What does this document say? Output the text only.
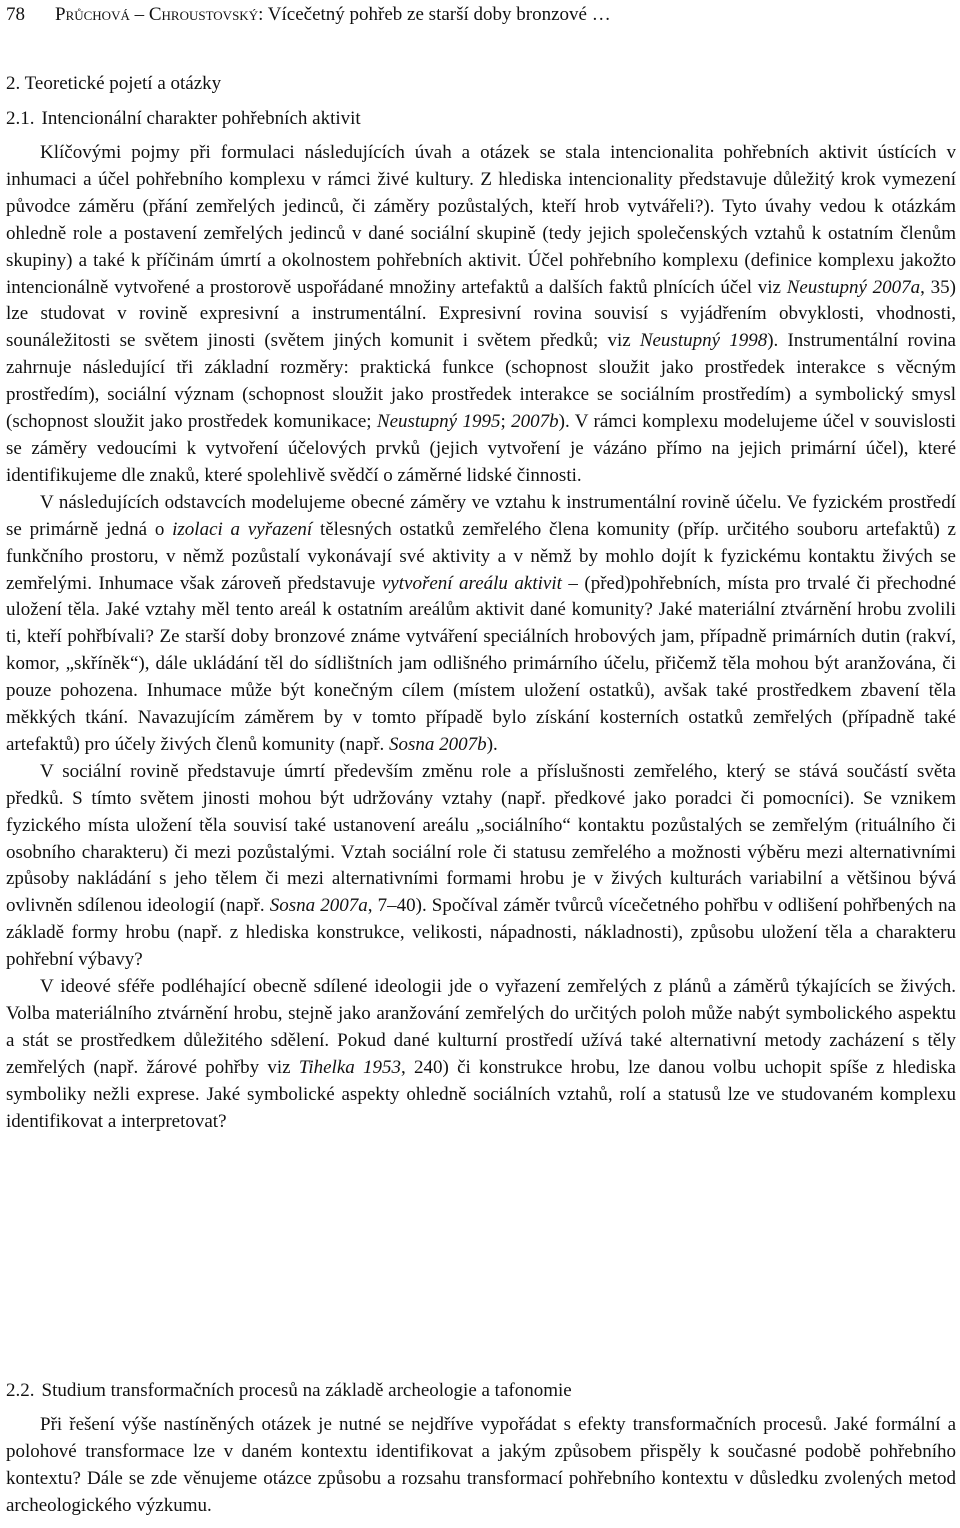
78 Průchová – Chroustovský: Vícečetný pohřeb ze starší doby bronzové …
2. Teoretické pojetí a otázky
2.1. Intencionální charakter pohřebních aktivit

Klíčovými pojmy při formulaci následujících úvah a otázek se stala intencionalita pohřebních aktivit ústících v inhumaci a účel pohřebního komplexu v rámci živé kultury. Z hlediska intencionality představuje důležitý krok vymezení původce záměru (přání zemřelých jedinců, či záměry pozůstalých, kteří hrob vytvářeli?). Tyto úvahy vedou k otázkám ohledně role a postavení zemřelých jedinců v dané sociální skupině (tedy jejich společenských vztahů k ostatním členům skupiny) a také k příčinám úmrtí a okolnostem pohřebních aktivit. Účel pohřebního komplexu (definice komplexu jakožto intencionálně vytvořené a prostorově uspořádané množiny artefaktů a dalších faktů plnících účel viz Neustupný 2007a, 35) lze studovat v rovině expresivní a instrumentální. Expresivní rovina souvisí s vyjádřením obvyklosti, vhodnosti, sounáležitosti se světem jinosti (světem jiných komunit i světem předků; viz Neustupný 1998). Instrumentální rovina zahrnuje následující tři základní rozměry: praktická funkce (schopnost sloužit jako prostředek interakce s věcným prostředím), sociální význam (schopnost sloužit jako prostředek interakce se sociálním prostředím) a symbolický smysl (schopnost sloužit jako prostředek komunikace; Neustupný 1995; 2007b). V rámci komplexu modelujeme účel v souvislosti se záměry vedoucími k vytvoření účelových prvků (jejich vytvoření je vázáno přímo na jejich primární účel), které identifikujeme dle znaků, které spolehlivě svědčí o záměrné lidské činnosti.

V následujících odstavcích modelujeme obecné záměry ve vztahu k instrumentální rovině účelu. Ve fyzickém prostředí se primárně jedná o izolaci a vyřazení tělesných ostatků zemřelého člena komunity (příp. určitého souboru artefaktů) z funkčního prostoru, v němž pozůstalí vykonávají své aktivity a v němž by mohlo dojít k fyzickému kontaktu živých se zemřelými. Inhumace však zároveň představuje vytvoření areálu aktivit – (před)pohřebních, místa pro trvalé či přechodné uložení těla. Jaké vztahy měl tento areál k ostatním areálům aktivit dané komunity? Jaké materiální ztvárnění hrobu zvolili ti, kteří pohřbívali? Ze starší doby bronzové známe vytváření speciálních hrobových jam, případně primárních dutin (rakví, komor, „skříněk“), dále ukládání těl do sídlištních jam odlišného primárního účelu, přičemž těla mohou být aranžována, či pouze pohozena. Inhumace může být konečným cílem (místem uložení ostatků), avšak také prostředkem zbavení těla měkkých tkání. Navazujícím záměrem by v tomto případě bylo získání kosterních ostatků zemřelých (případně také artefaktů) pro účely živých členů komunity (např. Sosna 2007b).

V sociální rovině představuje úmrtí především změnu role a příslušnosti zemřelého, který se stává součástí světa předků. S tímto světem jinosti mohou být udržovány vztahy (např. předkové jako poradci či pomocníci). Se vznikem fyzického místa uložení těla souvisí také ustanovení areálu „sociálního“ kontaktu pozůstalých se zemřelým (rituálního či osobního charakteru) či mezi pozůstalými. Vztah sociální role či statusu zemřelého a možnosti výběru mezi alternativními způsoby nakládání s jeho tělem či mezi alternativními formami hrobu je v živých kulturách variabilní a většinou bývá ovlivněn sdílenou ideologií (např. Sosna 2007a, 7–40). Spočíval záměr tvůrců vícečetného pohřbu v odlišení pohřbených na základě formy hrobu (např. z hlediska konstrukce, velikosti, nápadnosti, nákladnosti), způsobu uložení těla a charakteru pohřební výbavy?

V ideové sféře podléhající obecně sdílené ideologii jde o vyřazení zemřelých z plánů a záměrů týkajících se živých. Volba materiálního ztvárnění hrobu, stejně jako aranžování zemřelých do určitých poloh může nabýt symbolického aspektu a stát se prostředkem důležitého sdělení. Pokud dané kulturní prostředí užívá také alternativní metody zacházení s těly zemřelých (např. žárové pohřby viz Tihelka 1953, 240) či konstrukce hrobu, lze danou volbu uchopit spíše z hlediska symboliky nežli exprese. Jaké symbolické aspekty ohledně sociálních vztahů, rolí a statusů lze ve studovaném komplexu identifikovat a interpretovat?

2.2. Studium transformačních procesů na základě archeologie a tafonomie

Při řešení výše nastíněných otázek je nutné se nejdříve vypořádat s efekty transformačních procesů. Jaké formální a polohové transformace lze v daném kontextu identifikovat a jakým způsobem přispěly k současné podobě pohřebního kontextu? Dále se zde věnujeme otázce způsobu a rozsahu transformací pohřebního kontextu v důsledku zvolených metod archeologického výzkumu.
